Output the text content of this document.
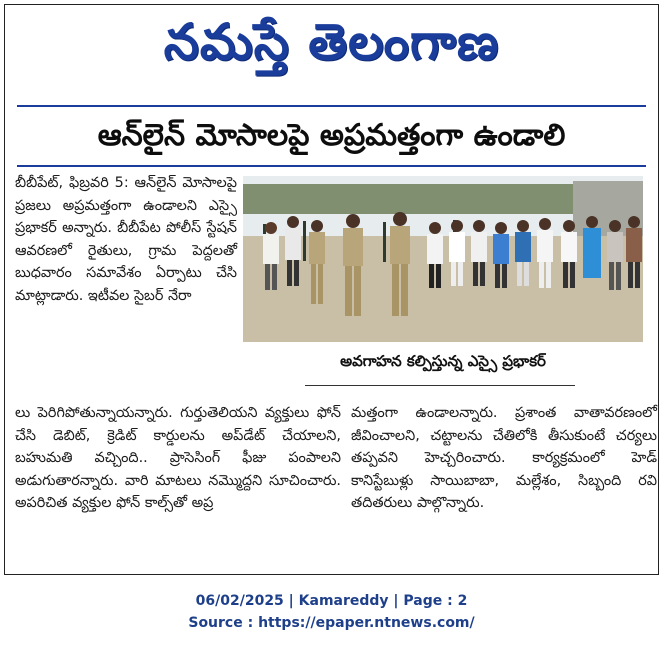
నమస్తే తెలంగాణ
ఆన్‌లైన్ మోసాలపై అప్రమత్తంగా ఉండాలి

బీబీపేట్, ఫిబ్రవరి 5: ఆన్‌లైన్ మోసాలపై ప్రజలు అప్రమత్తంగా ఉండాలని ఎస్సై ప్రభాకర్ అన్నారు. బీబీపేట పోలీస్ స్టేషన్ ఆవరణలో రైతులు, గ్రామ పెద్దలతో బుధవారం సమావేశం ఏర్పాటు చేసి మాట్లాడారు. ఇటీవల సైబర్ నేరా

అవగాహన కల్పిస్తున్న ఎస్సై ప్రభాకర్

లు పెరిగిపోతున్నాయన్నారు. గుర్తుతెలియని వ్యక్తులు ఫోన్ చేసి డెబిట్, క్రెడిట్ కార్డులను అప్‌డేట్ చేయాలని, బహుమతి వచ్చింది.. ప్రాసెసింగ్ ఫీజు పంపాలని అడుగుతారన్నారు. వారి మాటలు నమ్మొద్దని సూచించారు. అపరిచిత వ్యక్తుల ఫోన్ కాల్స్‌తో అప్ర

మత్తంగా ఉండాలన్నారు. ప్రశాంత వాతావరణంలో జీవించాలని, చట్టాలను చేతిలోకి తీసుకుంటే చర్యలు తప్పవని హెచ్చరించారు. కార్యక్రమంలో హెడ్ కానిస్టేబుళ్లు సాయిబాబా, మల్లేశం, సిబ్బంది రవి తదితరులు పాల్గొన్నారు.

06/02/2025 | Kamareddy | Page : 2
Source : https://epaper.ntnews.com/
